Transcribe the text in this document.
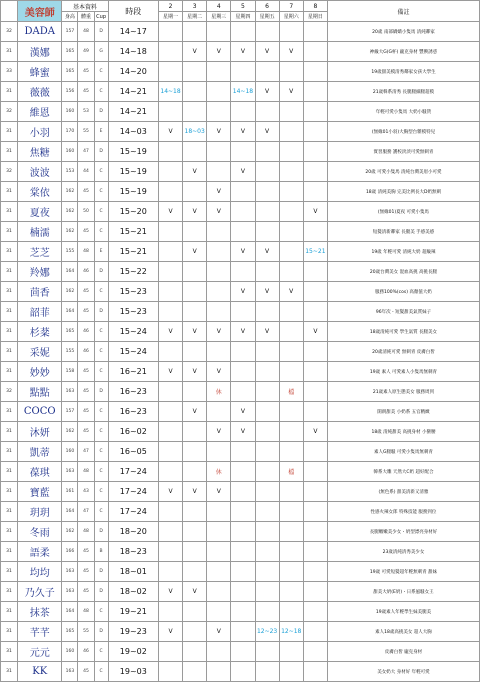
	美容師	基本資料			時段	2	3	4	5	6	7	8	備註
		身高	體重	Cup		星期一	星期二	星期三	星期四	星期五	星期六	星期日	
32	DADA	157	48	D	14~17								20歲 南部嬌嬌小隻馬 清純鄰家
31	漢娜	165	49	G	14~18		V	V	V	V	V		神級大G(G杯) 龐克身材 豐腴誘惑
33	蜂蜜	165	45	C	14~20								19歲甜美模清秀鄰家女孩大學生
31	薇薇	156	45	C	14~21	14~18			14~18	V	V		21歲韓系清秀 長腿腿細腿超模
32	維恩	160	53	D	14~21								年輕可愛小隻馬 大奶小騷貨
31	小羽	170	55	E	14~03	V	18~03	V	V	V			(無緣01小羽)大胸型台雜模特兒
31	焦糖	160	47	D	15~19								實習服務 護校淡淡可愛無刺青
32	波波	153	44	C	15~19		V		V				20歲 可愛小隻馬 清純台灣美眉小可愛
31	棠依	162	45	C	15~19			V					18歲 清純美胸 完美比例長大D奶無刺
31	夏夜	162	50	C	15~20	V	V	V				V	(無緣01)夏夜 可愛小隻馬
31	楠濡	162	45	C	15~21								短髮清新鄰家 長腿美 手感美感
31	芝芝	155	48	E	15~21		V		V	V		15~21	19歲 年輕可愛 清純大奶 超級辣
31	羚娜	164	46	D	15~22								20歲台灣美女 混血高挑 高挑長腿
31	茴香	162	45	C	15~23				V	V	V		服務100%(cos) 高顏值大奶
31	韶菲	164	45	D	15~23								96年次 - 短髮甜美氣質妹子
31	杉棻	165	46	C	15~24	V	V	V	V	V		V	18歲清純可愛 學生氣質 長腿美女
31	采妮	155	46	C	15~24								20歲清純可愛 無刺青 皮膚白皙
31	妙妙	158	45	C	16~21	V	V	V					19歲 素人 可愛素人小隻馬無刺青
32	點點	163	45	D	16~23			休			檔		21歲素人原生態美女 服務周到
31	COCO	157	45	C	16~23		V		V				開朗甜美 小奶系 五官精緻
31	沐妍	162	45	C	16~02			V	V			V	18歲 清純甜美 高挑身材 小蠻腰
31	凱蒂	160	47	C	16~05								素人G腿騷 可愛小隻馬無刺青
31	葆琪	163	48	C	17~24			休			檔		韓系大雕 天然大C奶 超好配合
31	寶藍	161	43	C	17~24	V	V	V					(無色系) 甜美清新又清雅
31	玥玥	164	47	C	17~24								性感火辣女郎 特殊技能 服務到位
31	冬雨	162	48	D	18~20								長腿嫩嫩美少女・奶型漂亮身材好
31	語柔	166	45	B	18~23								23歲清純清秀美少女
31	均均	163	45	D	18~01								19歲 可愛短髮超年輕無刺青 甜妹
31	乃久子	163	45	D	18~02	V	V						甜美大奶(E奶)・日系風騷女王
31	抹茶	164	48	C	19~21								19歲素人年輕學生妹美腿美
31	芊芊	165	55	D	19~23	V		V		12~23	12~18		素人18歲高挑美女 超人大胸
31	元元	160	46	C	19~02								皮膚白皙 龐克身材
31	KK	163	45	C	19~03								美女奶大 身材好 年輕可愛
